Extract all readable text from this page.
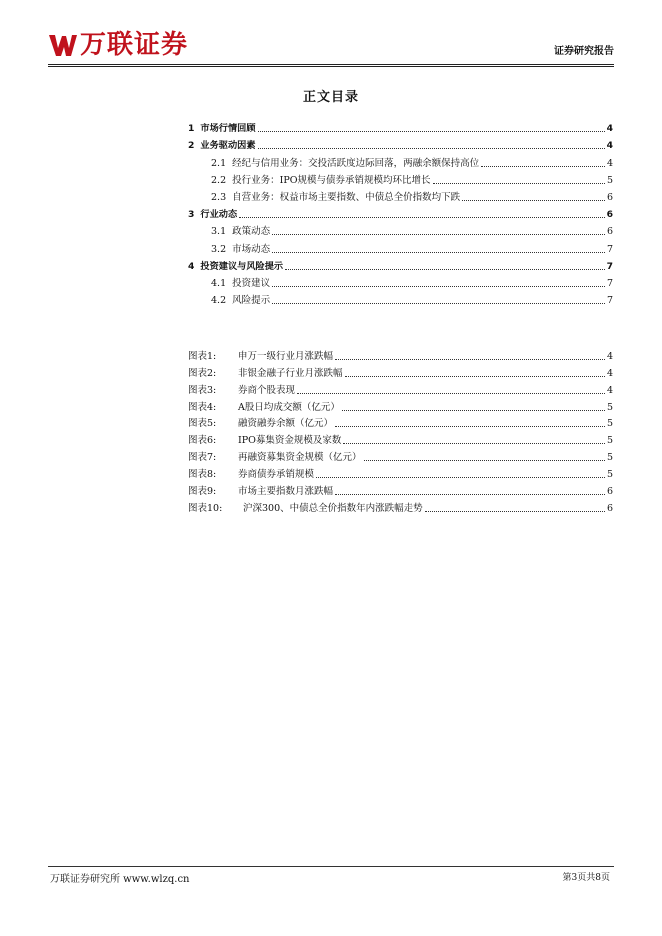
万联证券	证券研究报告
正文目录
1 市场行情回顾	4
2 业务驱动因素	4
2.1 经纪与信用业务：交投活跃度边际回落，两融余额保持高位	4
2.2 投行业务：IPO规模与债券承销规模均环比增长	5
2.3 自营业务：权益市场主要指数、中债总全价指数均下跌	6
3 行业动态	6
3.1 政策动态	6
3.2 市场动态	7
4 投资建议与风险提示	7
4.1 投资建议	7
4.2 风险提示	7
图表1:	申万一级行业月涨跌幅	4
图表2:	非银金融子行业月涨跌幅	4
图表3:	券商个股表现	4
图表4:	A股日均成交额（亿元）	5
图表5:	融资融券余额（亿元）	5
图表6:	IPO募集资金规模及家数	5
图表7:	再融资募集资金规模（亿元）	5
图表8:	券商债券承销规模	5
图表9:	市场主要指数月涨跌幅	6
图表10:	沪深300、中债总全价指数年内涨跌幅走势	6
万联证券研究所 www.wlzq.cn	第3页共8页
